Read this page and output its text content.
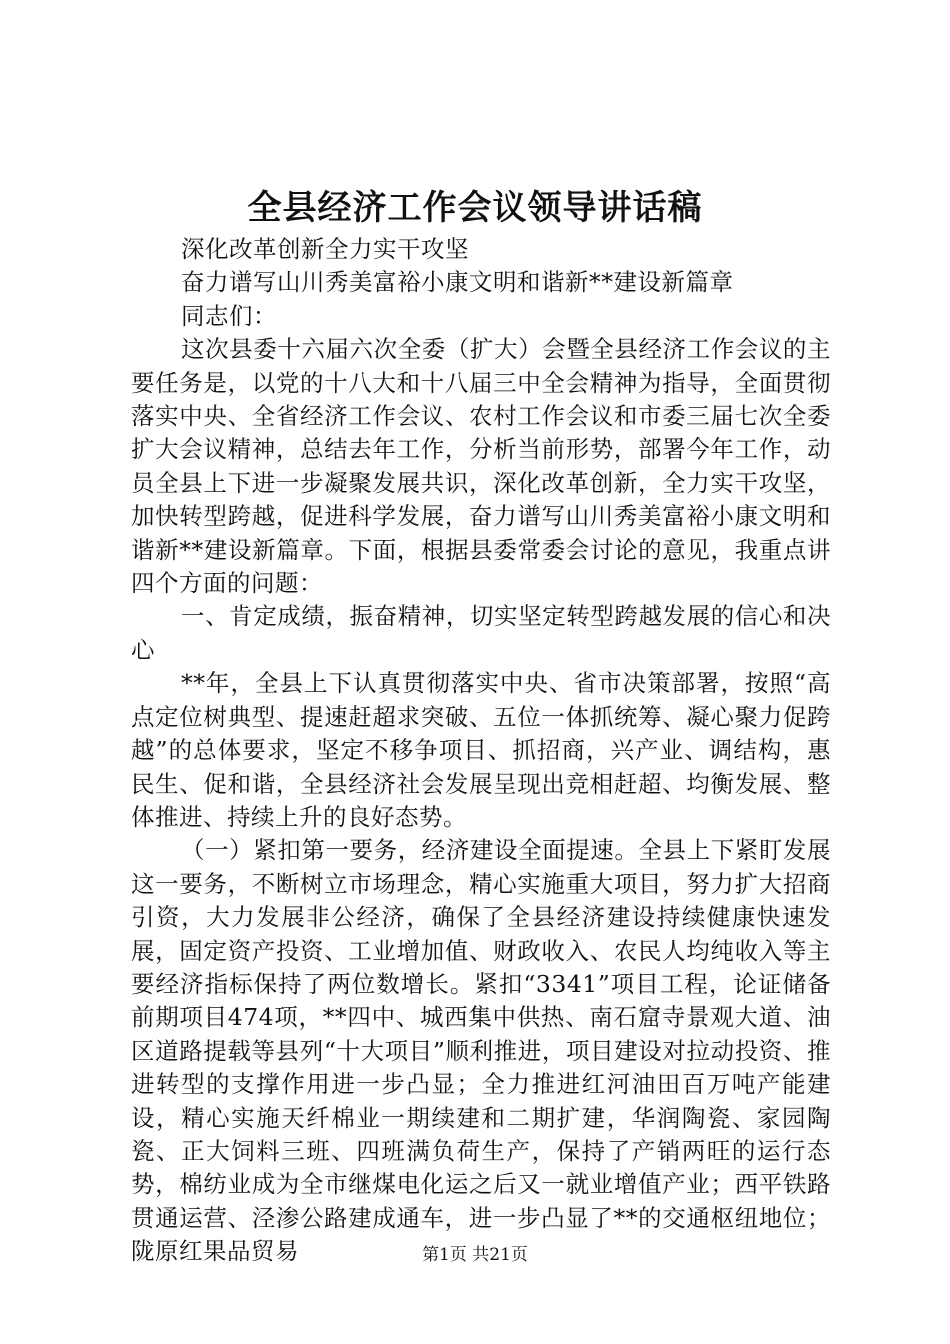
全县经济工作会议领导讲话稿

深化改革创新全力实干攻坚

奋力谱写山川秀美富裕小康文明和谐新**建设新篇章

同志们：

这次县委十六届六次全委（扩大）会暨全县经济工作会议的主要任务是，以党的十八大和十八届三中全会精神为指导，全面贯彻落实中央、全省经济工作会议、农村工作会议和市委三届七次全委扩大会议精神，总结去年工作，分析当前形势，部署今年工作，动员全县上下进一步凝聚发展共识，深化改革创新，全力实干攻坚，加快转型跨越，促进科学发展，奋力谱写山川秀美富裕小康文明和谐新**建设新篇章。下面，根据县委常委会讨论的意见，我重点讲四个方面的问题：

一、肯定成绩，振奋精神，切实坚定转型跨越发展的信心和决心

**年，全县上下认真贯彻落实中央、省市决策部署，按照“高点定位树典型、提速赶超求突破、五位一体抓统筹、凝心聚力促跨越”的总体要求，坚定不移争项目、抓招商，兴产业、调结构，惠民生、促和谐，全县经济社会发展呈现出竞相赶超、均衡发展、整体推进、持续上升的良好态势。

（一）紧扣第一要务，经济建设全面提速。全县上下紧盯发展这一要务，不断树立市场理念，精心实施重大项目，努力扩大招商引资，大力发展非公经济，确保了全县经济建设持续健康快速发展，固定资产投资、工业增加值、财政收入、农民人均纯收入等主要经济指标保持了两位数增长。紧扣“3341”项目工程，论证储备前期项目474项，**四中、城西集中供热、南石窟寺景观大道、油区道路提载等县列“十大项目”顺利推进，项目建设对拉动投资、推进转型的支撑作用进一步凸显；全力推进红河油田百万吨产能建设，精心实施天纤棉业一期续建和二期扩建，华润陶瓷、家园陶瓷、正大饲料三班、四班满负荷生产，保持了产销两旺的运行态势，棉纺业成为全市继煤电化运之后又一就业增值产业；西平铁路贯通运营、泾渗公路建成通车，进一步凸显了**的交通枢纽地位；陇原红果品贸易	第1页 共21页
